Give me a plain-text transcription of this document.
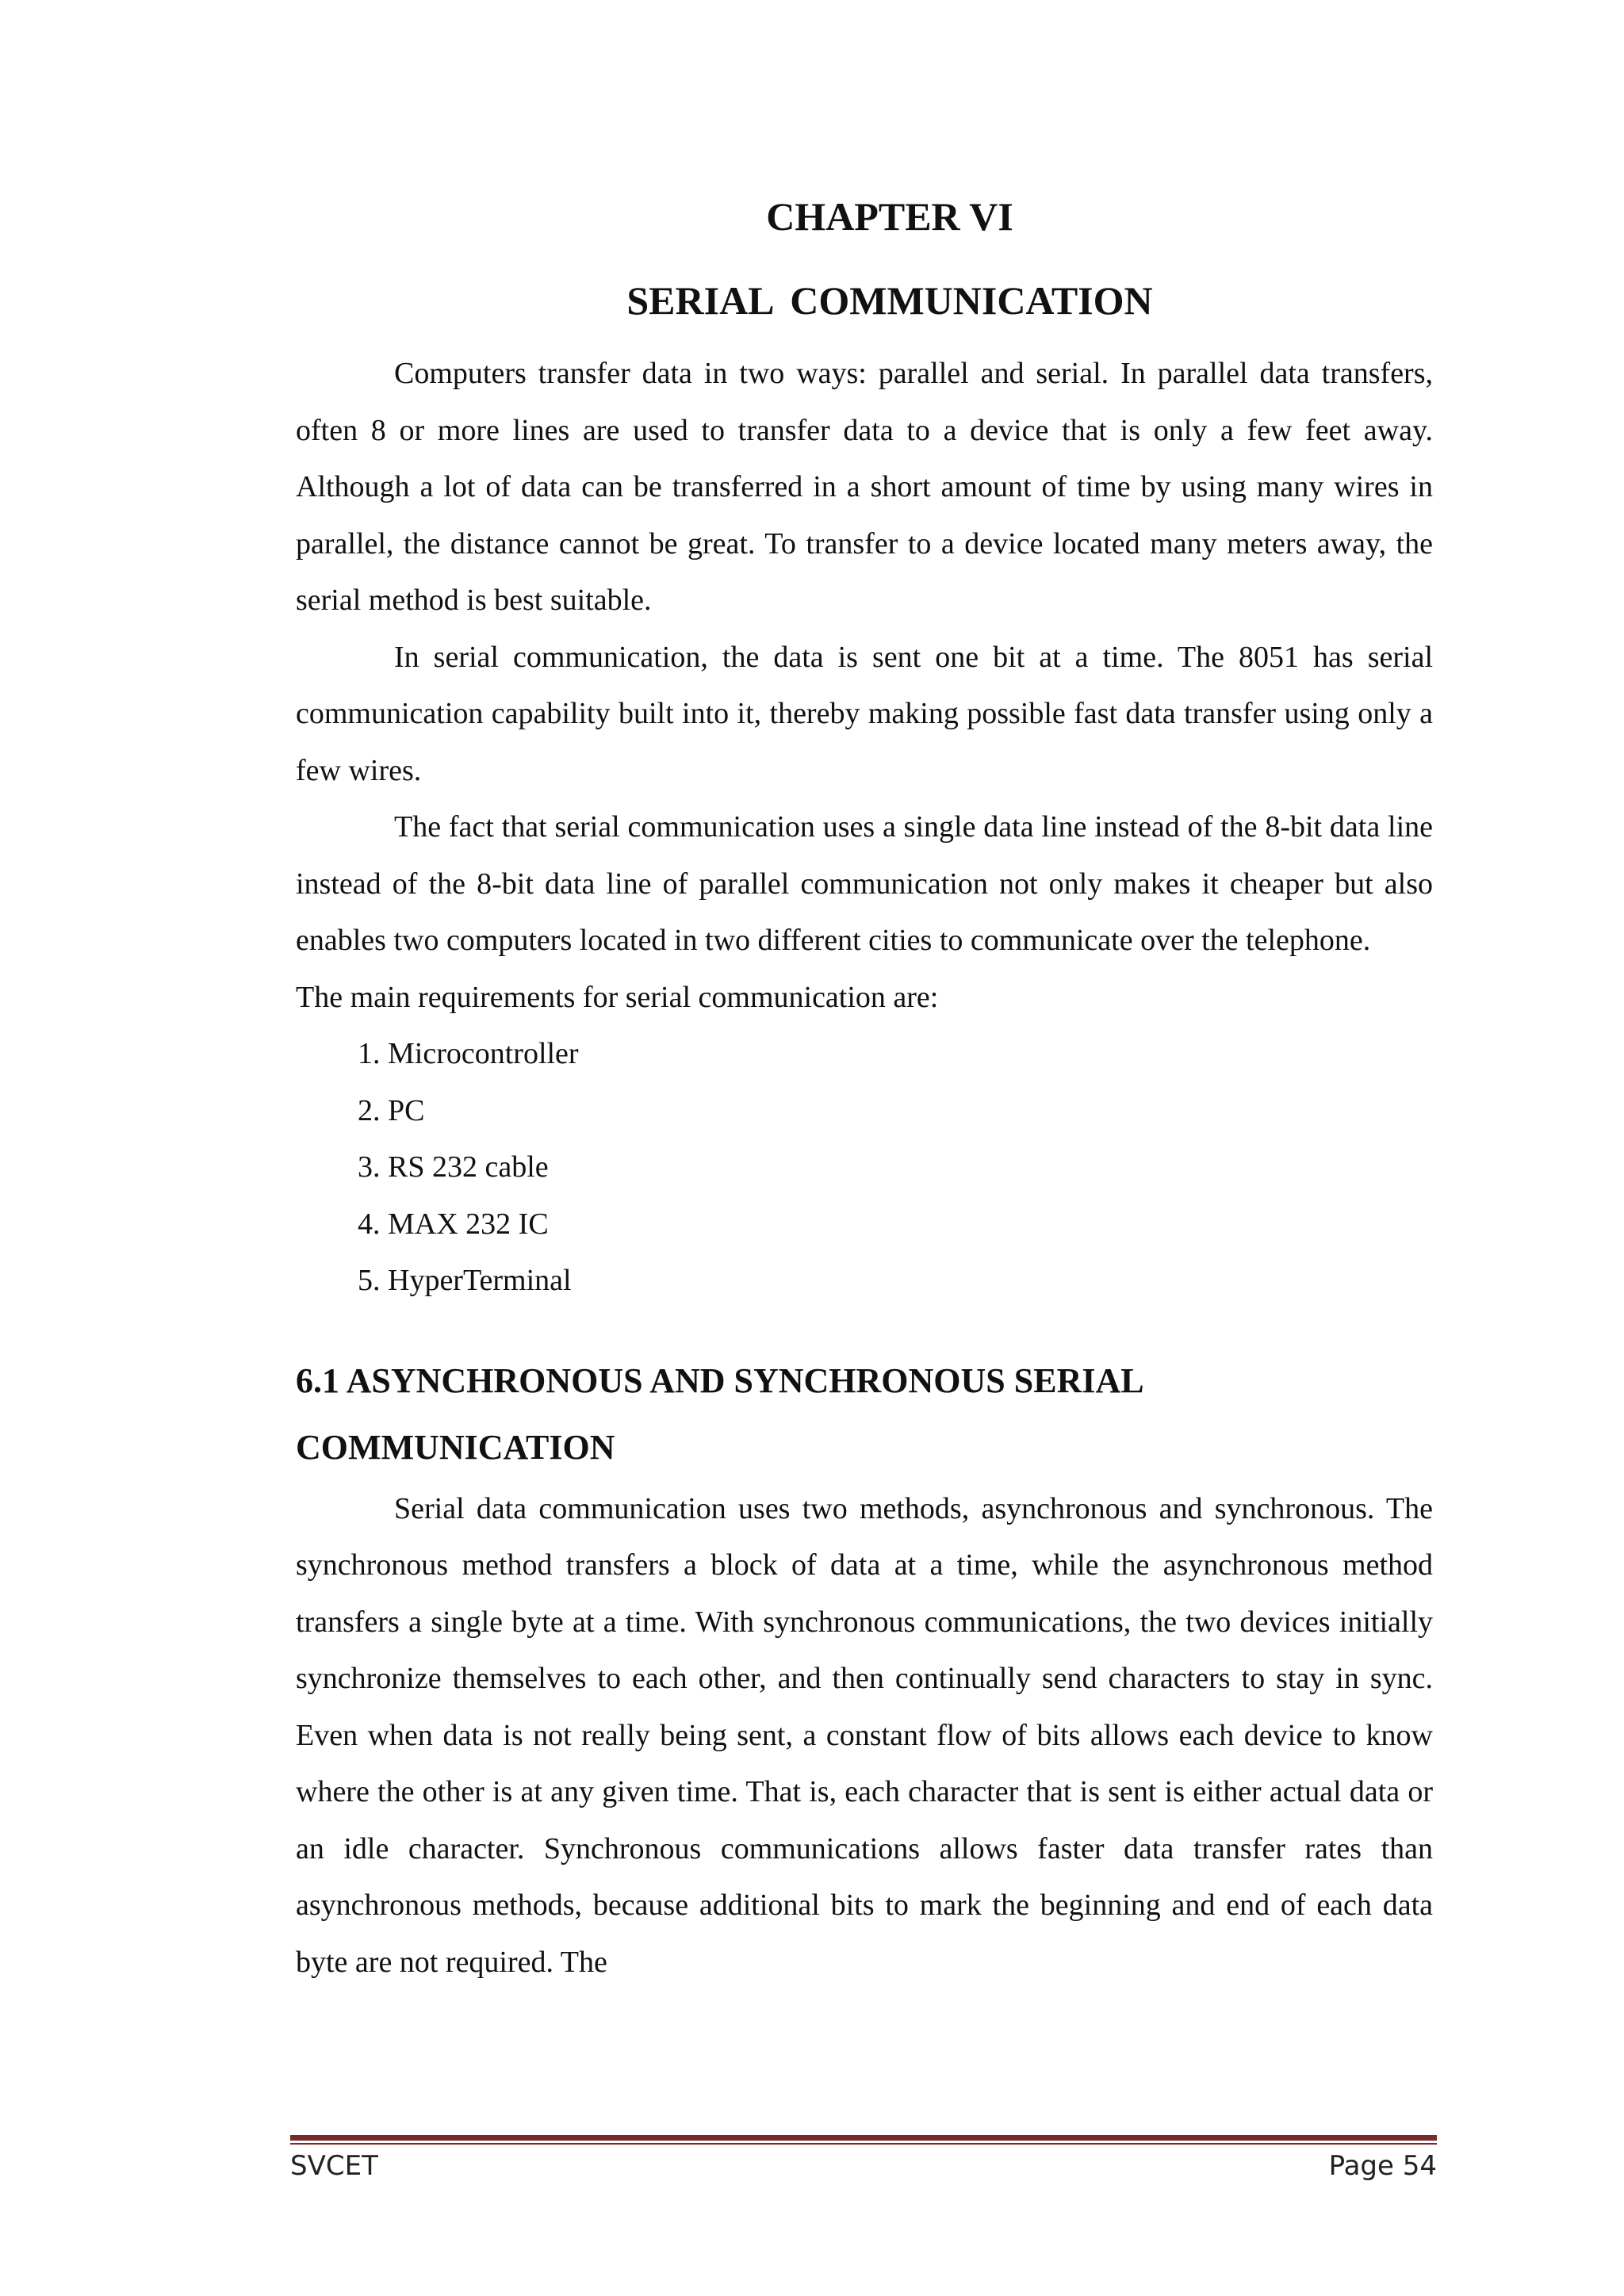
CHAPTER VI
SERIAL COMMUNICATION

Computers transfer data in two ways: parallel and serial. In parallel data transfers, often 8 or more lines are used to transfer data to a device that is only a few feet away. Although a lot of data can be transferred in a short amount of time by using many wires in parallel, the distance cannot be great. To transfer to a device located many meters away, the serial method is best suitable.

In serial communication, the data is sent one bit at a time. The 8051 has serial communication capability built into it, thereby making possible fast data transfer using only a few wires.

The fact that serial communication uses a single data line instead of the 8-bit data line instead of the 8-bit data line of parallel communication not only makes it cheaper but also enables two computers located in two different cities to communicate over the telephone.

The main requirements for serial communication are:

1. Microcontroller
2. PC
3. RS 232 cable
4. MAX 232 IC
5. HyperTerminal
6.1 ASYNCHRONOUS AND SYNCHRONOUS SERIAL
COMMUNICATION

Serial data communication uses two methods, asynchronous and synchronous. The synchronous method transfers a block of data at a time, while the asynchronous method transfers a single byte at a time. With synchronous communications, the two devices initially synchronize themselves to each other, and then continually send characters to stay in sync. Even when data is not really being sent, a constant flow of bits allows each device to know where the other is at any given time. That is, each character that is sent is either actual data or an idle character. Synchronous communications allows faster data transfer rates than asynchronous methods, because additional bits to mark the beginning and end of each data byte are not required. The

SVCET	Page 54
